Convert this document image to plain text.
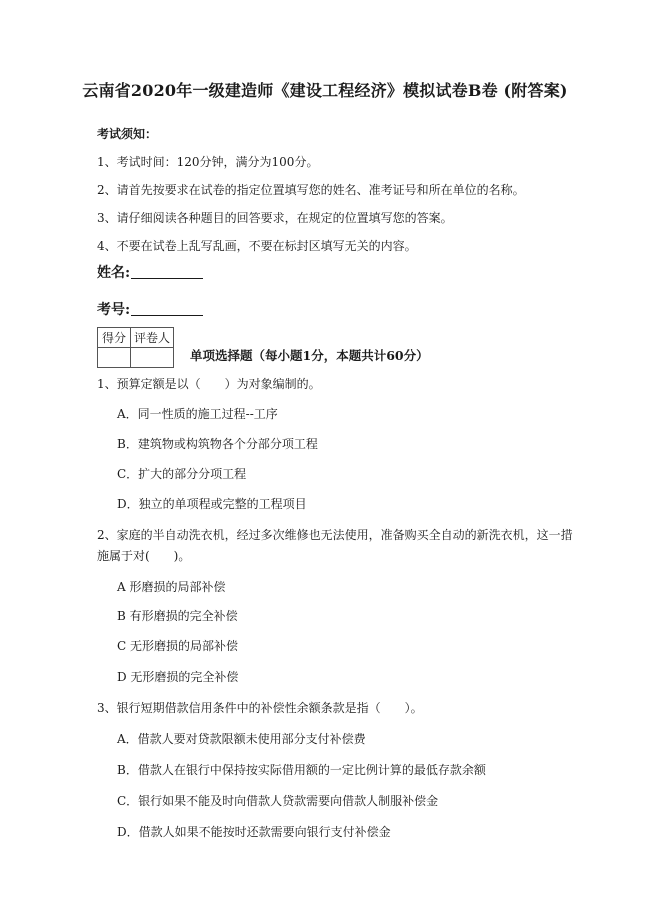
云南省2020年一级建造师《建设工程经济》模拟试卷B卷 (附答案)
考试须知：
1、考试时间：120分钟，满分为100分。
2、请首先按要求在试卷的指定位置填写您的姓名、准考证号和所在单位的名称。
3、请仔细阅读各种题目的回答要求，在规定的位置填写您的答案。
4、不要在试卷上乱写乱画，不要在标封区填写无关的内容。
姓名:
考号:
得分	评卷人

单项选择题（每小题1分，本题共计60分）
1、预算定额是以（　　）为对象编制的。
A．同一性质的施工过程--工序
B．建筑物或构筑物各个分部分项工程
C．扩大的部分分项工程
D．独立的单项程或完整的工程项目
2、家庭的半自动洗衣机，经过多次维修也无法使用，准备购买全自动的新洗衣机，这一措
施属于对(　　)。
A 形磨损的局部补偿
B 有形磨损的完全补偿
C 无形磨损的局部补偿
D 无形磨损的完全补偿
3、银行短期借款信用条件中的补偿性余额条款是指（　　）。
A．借款人要对贷款限额未使用部分支付补偿费
B．借款人在银行中保持按实际借用额的一定比例计算的最低存款余额
C．银行如果不能及时向借款人贷款需要向借款人制服补偿金
D．借款人如果不能按时还款需要向银行支付补偿金
